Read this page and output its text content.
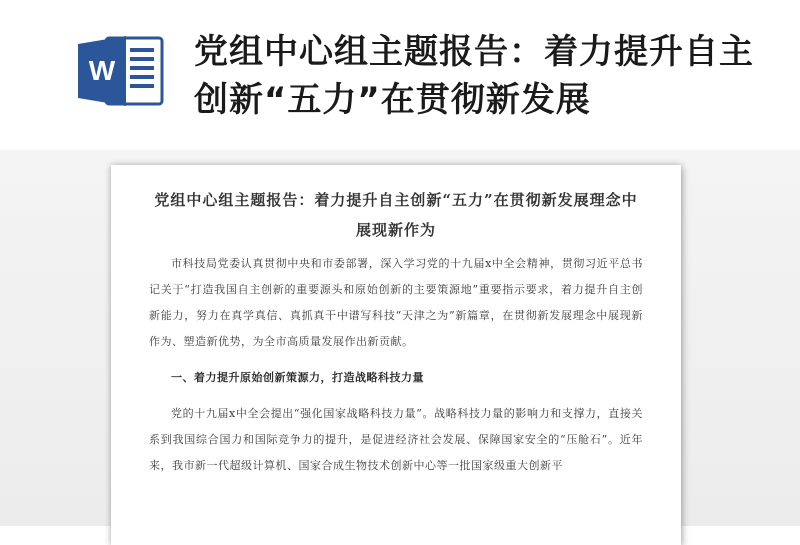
W 党组中心组主题报告：着力提升自主创新“五力”在贯彻新发展
党组中心组主题报告：着力提升自主创新“五力”在贯彻新发展理念中展现新作为

市科技局党委认真贯彻中央和市委部署，深入学习党的十九届x中全会精神，贯彻习近平总书记关于“打造我国自主创新的重要源头和原始创新的主要策源地”重要指示要求，着力提升自主创新能力，努力在真学真信、真抓真干中谱写科技“天津之为”新篇章，在贯彻新发展理念中展现新作为、塑造新优势，为全市高质量发展作出新贡献。

一、着力提升原始创新策源力，打造战略科技力量

党的十九届x中全会提出“强化国家战略科技力量”。战略科技力量的影响力和支撑力，直接关系到我国综合国力和国际竞争力的提升，是促进经济社会发展、保障国家安全的“压舱石”。近年来，我市新一代超级计算机、国家合成生物技术创新中心等一批国家级重大创新平
